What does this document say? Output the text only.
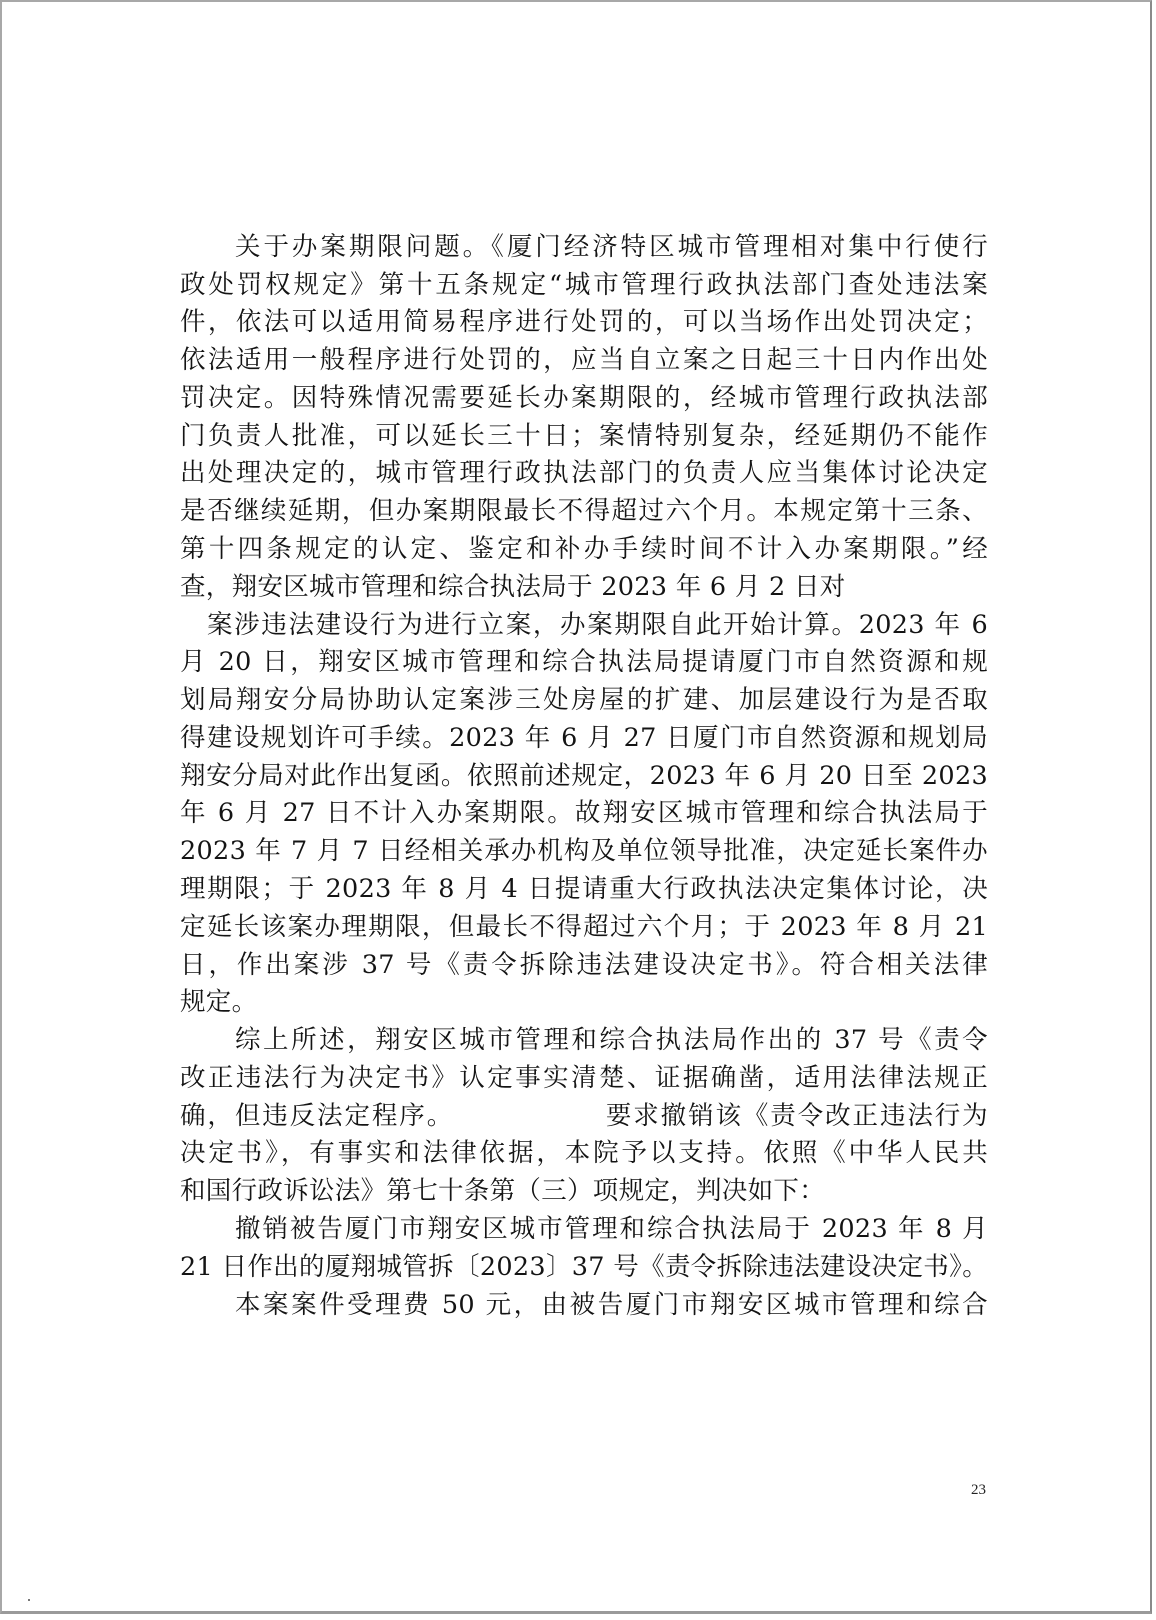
关于办案期限问题。《厦门经济特区城市管理相对集中行使行
政处罚权规定》第十五条规定“城市管理行政执法部门查处违法案
件，依法可以适用简易程序进行处罚的，可以当场作出处罚决定；
依法适用一般程序进行处罚的，应当自立案之日起三十日内作出处
罚决定。因特殊情况需要延长办案期限的，经城市管理行政执法部
门负责人批准，可以延长三十日；案情特别复杂，经延期仍不能作
出处理决定的，城市管理行政执法部门的负责人应当集体讨论决定
是否继续延期，但办案期限最长不得超过六个月。本规定第十三条、
第十四条规定的认定、鉴定和补办手续时间不计入办案期限。”经
查，翔安区城市管理和综合执法局于 2023 年 6 月 2 日对
案涉违法建设行为进行立案，办案期限自此开始计算。2023 年 6
月 20 日，翔安区城市管理和综合执法局提请厦门市自然资源和规
划局翔安分局协助认定案涉三处房屋的扩建、加层建设行为是否取
得建设规划许可手续。2023 年 6 月 27 日厦门市自然资源和规划局
翔安分局对此作出复函。依照前述规定，2023 年 6 月 20 日至 2023
年 6 月 27 日不计入办案期限。故翔安区城市管理和综合执法局于
2023 年 7 月 7 日经相关承办机构及单位领导批准，决定延长案件办
理期限；于 2023 年 8 月 4 日提请重大行政执法决定集体讨论，决
定延长该案办理期限，但最长不得超过六个月；于 2023 年 8 月 21
日，作出案涉 37 号《责令拆除违法建设决定书》。符合相关法律
规定。
综上所述，翔安区城市管理和综合执法局作出的 37 号《责令
改正违法行为决定书》认定事实清楚、证据确凿，适用法律法规正
确，但违反法定程序。　　　　　　要求撤销该《责令改正违法行为
决定书》，有事实和法律依据，本院予以支持。依照《中华人民共
和国行政诉讼法》第七十条第（三）项规定，判决如下：
撤销被告厦门市翔安区城市管理和综合执法局于 2023 年 8 月
21 日作出的厦翔城管拆〔2023〕37 号《责令拆除违法建设决定书》。
本案案件受理费 50 元，由被告厦门市翔安区城市管理和综合
23
